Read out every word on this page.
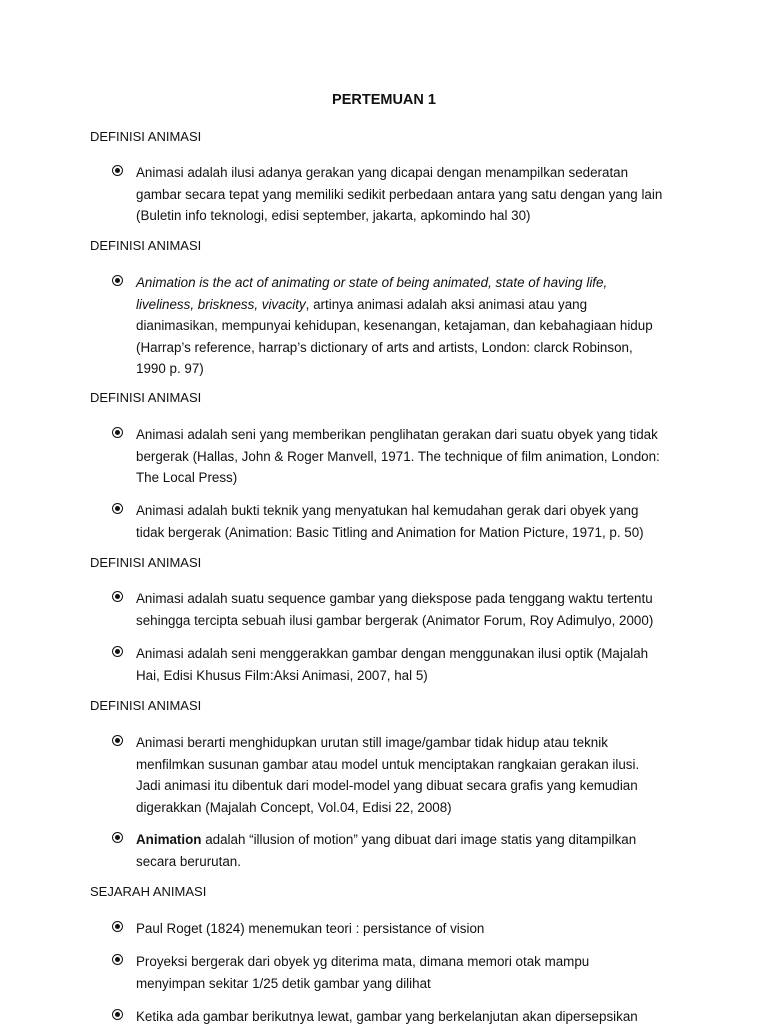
PERTEMUAN 1
DEFINISI ANIMASI
Animasi adalah ilusi adanya gerakan yang dicapai dengan menampilkan sederatan
gambar secara tepat yang memiliki sedikit perbedaan antara yang satu dengan yang lain
(Buletin info teknologi, edisi september, jakarta, apkomindo hal 30)
DEFINISI ANIMASI
Animation is the act of animating or state of being animated, state of having life,
liveliness, briskness, vivacity, artinya animasi adalah aksi animasi atau yang
dianimasikan, mempunyai kehidupan, kesenangan, ketajaman, dan kebahagiaan hidup
(Harrap’s reference, harrap’s dictionary of arts and artists, London: clarck Robinson,
1990 p. 97)
DEFINISI ANIMASI
Animasi adalah seni yang memberikan penglihatan gerakan dari suatu obyek yang tidak
bergerak (Hallas, John & Roger Manvell, 1971. The technique of film animation, London:
The Local Press)
Animasi adalah bukti teknik yang menyatukan hal kemudahan gerak dari obyek yang
tidak bergerak (Animation: Basic Titling and Animation for Mation Picture, 1971, p. 50)
DEFINISI ANIMASI
Animasi adalah suatu sequence gambar yang diekspose pada tenggang waktu tertentu
sehingga tercipta sebuah ilusi gambar bergerak (Animator Forum, Roy Adimulyo, 2000)
Animasi adalah seni menggerakkan gambar dengan menggunakan ilusi optik (Majalah
Hai, Edisi Khusus Film:Aksi Animasi, 2007, hal 5)
DEFINISI ANIMASI
Animasi berarti menghidupkan urutan still image/gambar tidak hidup atau teknik
menfilmkan susunan gambar atau model untuk menciptakan rangkaian gerakan ilusi.
Jadi animasi itu dibentuk dari model-model yang dibuat secara grafis yang kemudian
digerakkan (Majalah Concept, Vol.04, Edisi 22, 2008)
Animation adalah “illusion of motion” yang dibuat dari image statis yang ditampilkan
secara berurutan.
SEJARAH ANIMASI
Paul Roget (1824) menemukan teori : persistance of vision
Proyeksi bergerak dari obyek yg diterima mata, dimana memori otak mampu
menyimpan sekitar 1/25 detik gambar yang dilihat
Ketika ada gambar berikutnya lewat, gambar yang berkelanjutan akan dipersepsikan
